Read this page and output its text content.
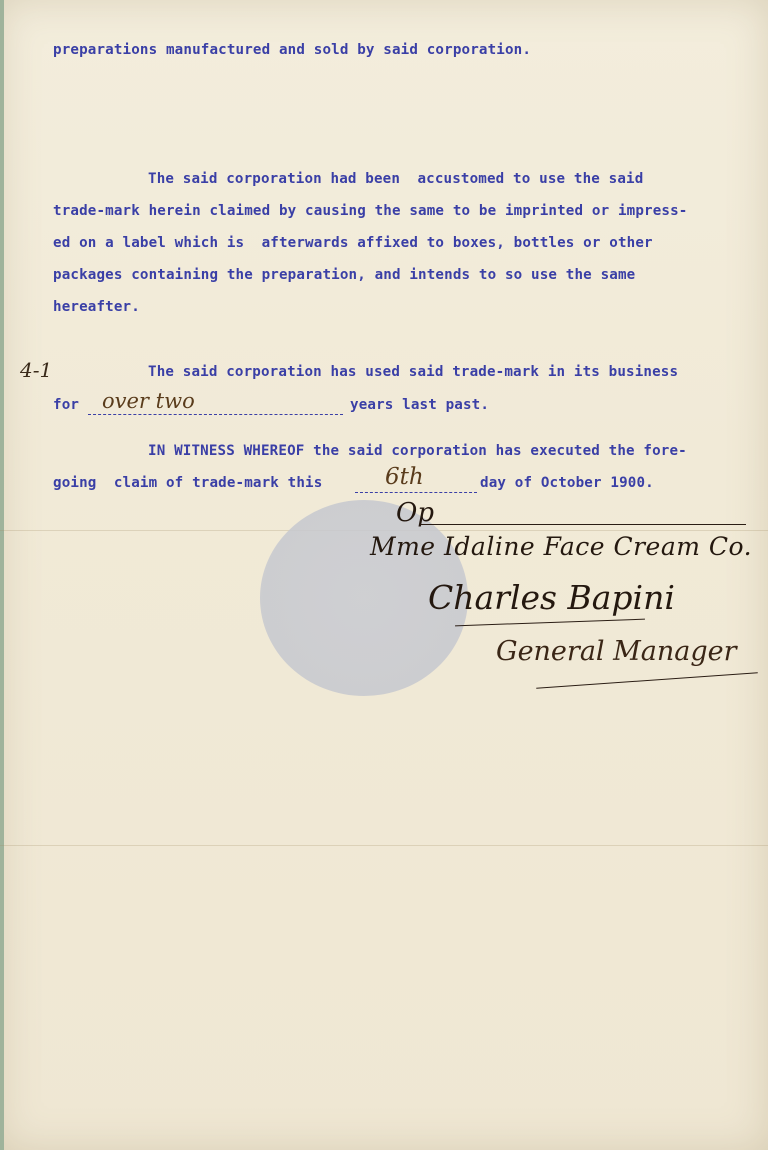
preparations manufactured and sold by said corporation.
The said corporation had been  accustomed to use the said
trade-mark herein claimed by causing the same to be imprinted or impress-
ed on a label which is  afterwards affixed to boxes, bottles or other
packages containing the preparation, and intends to so use the same
hereafter.
4-1	The said corporation has used said trade-mark in its business
for over two	years last past.
IN WITNESS WHEREOF the said corporation has executed the fore-
going  claim of trade-mark this	6th	day of October 1900.
Op
Mme Idaline Face Cream Co.
Charles Bapini
General Manager
